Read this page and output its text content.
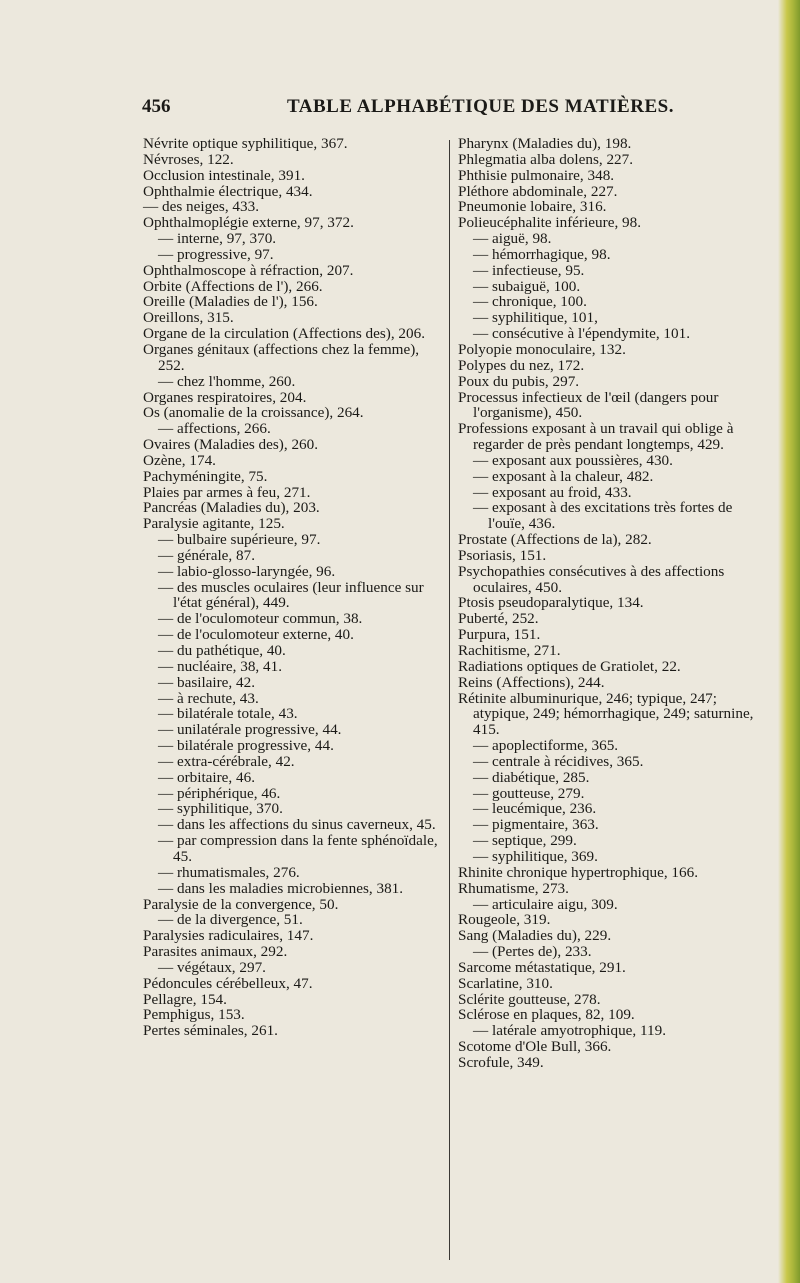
456	TABLE ALPHABÉTIQUE DES MATIÈRES.
Névrite optique syphilitique, 367.
Névroses, 122.
Occlusion intestinale, 391.
Ophthalmie électrique, 434.
— des neiges, 433.
Ophthalmoplégie externe, 97, 372.
— interne, 97, 370.
— progressive, 97.
Ophthalmoscope à réfraction, 207.
Orbite (Affections de l'), 266.
Oreille (Maladies de l'), 156.
Oreillons, 315.
Organe de la circulation (Affections des), 206.
Organes génitaux (affections chez la femme), 252.
— chez l'homme, 260.
Organes respiratoires, 204.
Os (anomalie de la croissance), 264.
— affections, 266.
Ovaires (Maladies des), 260.
Ozène, 174.
Pachyméningite, 75.
Plaies par armes à feu, 271.
Pancréas (Maladies du), 203.
Paralysie agitante, 125.
— bulbaire supérieure, 97.
— générale, 87.
— labio-glosso-laryngée, 96.
— des muscles oculaires (leur influence sur l'état général), 449.
— de l'oculomoteur commun, 38.
— de l'oculomoteur externe, 40.
— du pathétique, 40.
— nucléaire, 38, 41.
— basilaire, 42.
— à rechute, 43.
— bilatérale totale, 43.
— unilatérale progressive, 44.
— bilatérale progressive, 44.
— extra-cérébrale, 42.
— orbitaire, 46.
— périphérique, 46.
— syphilitique, 370.
— dans les affections du sinus caverneux, 45.
— par compression dans la fente sphénoïdale, 45.
— rhumatismales, 276.
— dans les maladies microbiennes, 381.
Paralysie de la convergence, 50.
— de la divergence, 51.
Paralysies radiculaires, 147.
Parasites animaux, 292.
— végétaux, 297.
Pédoncules cérébelleux, 47.
Pellagre, 154.
Pemphigus, 153.
Pertes séminales, 261.
Pharynx (Maladies du), 198.
Phlegmatia alba dolens, 227.
Phthisie pulmonaire, 348.
Pléthore abdominale, 227.
Pneumonie lobaire, 316.
Polieucéphalite inférieure, 98.
— aiguë, 98.
— hémorrhagique, 98.
— infectieuse, 95.
— subaiguë, 100.
— chronique, 100.
— syphilitique, 101,
— consécutive à l'épendymite, 101.
Polyopie monoculaire, 132.
Polypes du nez, 172.
Poux du pubis, 297.
Processus infectieux de l'œil (dangers pour l'organisme), 450.
Professions exposant à un travail qui oblige à regarder de près pendant longtemps, 429.
— exposant aux poussières, 430.
— exposant à la chaleur, 482.
— exposant au froid, 433.
— exposant à des excitations très fortes de l'ouïe, 436.
Prostate (Affections de la), 282.
Psoriasis, 151.
Psychopathies consécutives à des affections oculaires, 450.
Ptosis pseudoparalytique, 134.
Puberté, 252.
Purpura, 151.
Rachitisme, 271.
Radiations optiques de Gratiolet, 22.
Reins (Affections), 244.
Rétinite albuminurique, 246; typique, 247; atypique, 249; hémorrhagique, 249; saturnine, 415.
— apoplectiforme, 365.
— centrale à récidives, 365.
— diabétique, 285.
— goutteuse, 279.
— leucémique, 236.
— pigmentaire, 363.
— septique, 299.
— syphilitique, 369.
Rhinite chronique hypertrophique, 166.
Rhumatisme, 273.
— articulaire aigu, 309.
Rougeole, 319.
Sang (Maladies du), 229.
— (Pertes de), 233.
Sarcome métastatique, 291.
Scarlatine, 310.
Sclérite goutteuse, 278.
Sclérose en plaques, 82, 109.
— latérale amyotrophique, 119.
Scotome d'Ole Bull, 366.
Scrofule, 349.
